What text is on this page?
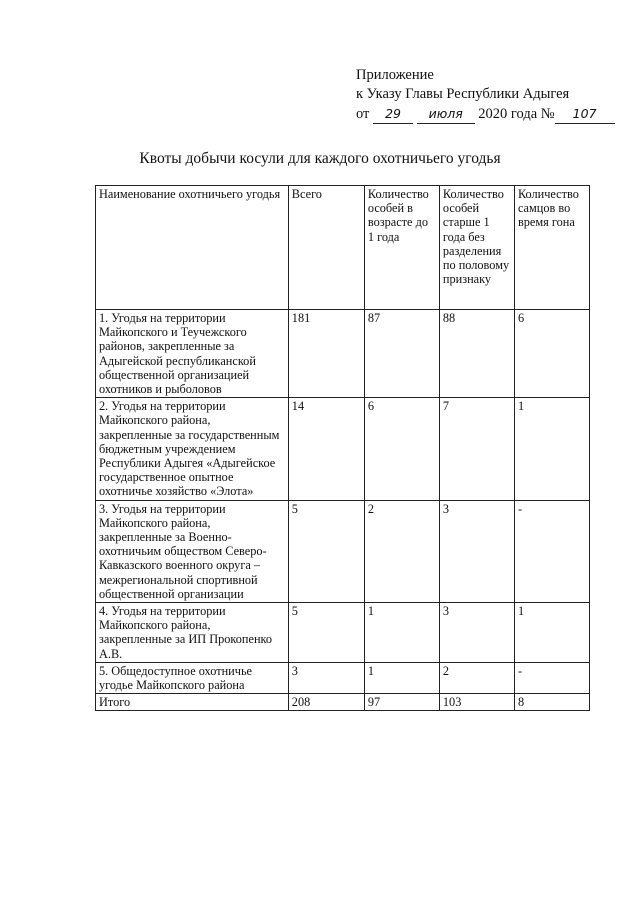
Приложение
к Указу Главы Республики Адыгея
от 29 июля 2020 года № 107
Квоты добычи косули для каждого охотничьего угодья
Наименование охотничьего угодья	Всего	Количество особей в возрасте до 1 года	Количество особей старше 1 года без разделения по половому признаку	Количество самцов во время гона
1. Угодья на территории Майкопского и Теучежского районов, закрепленные за Адыгейской республиканской общественной организацией охотников и рыболовов	181	87	88	6
2. Угодья на территории Майкопского района, закрепленные за государственным бюджетным учреждением Республики Адыгея «Адыгейское государственное опытное охотничье хозяйство «Элота»	14	6	7	1
3. Угодья на территории Майкопского района, закрепленные за Военно-охотничьим обществом Северо-Кавказского военного округа – межрегиональной спортивной общественной организации	5	2	3	-
4. Угодья на территории Майкопского района, закрепленные за ИП Прокопенко А.В.	5	1	3	1
5. Общедоступное охотничье угодье Майкопского района	3	1	2	-
Итого	208	97	103	8
